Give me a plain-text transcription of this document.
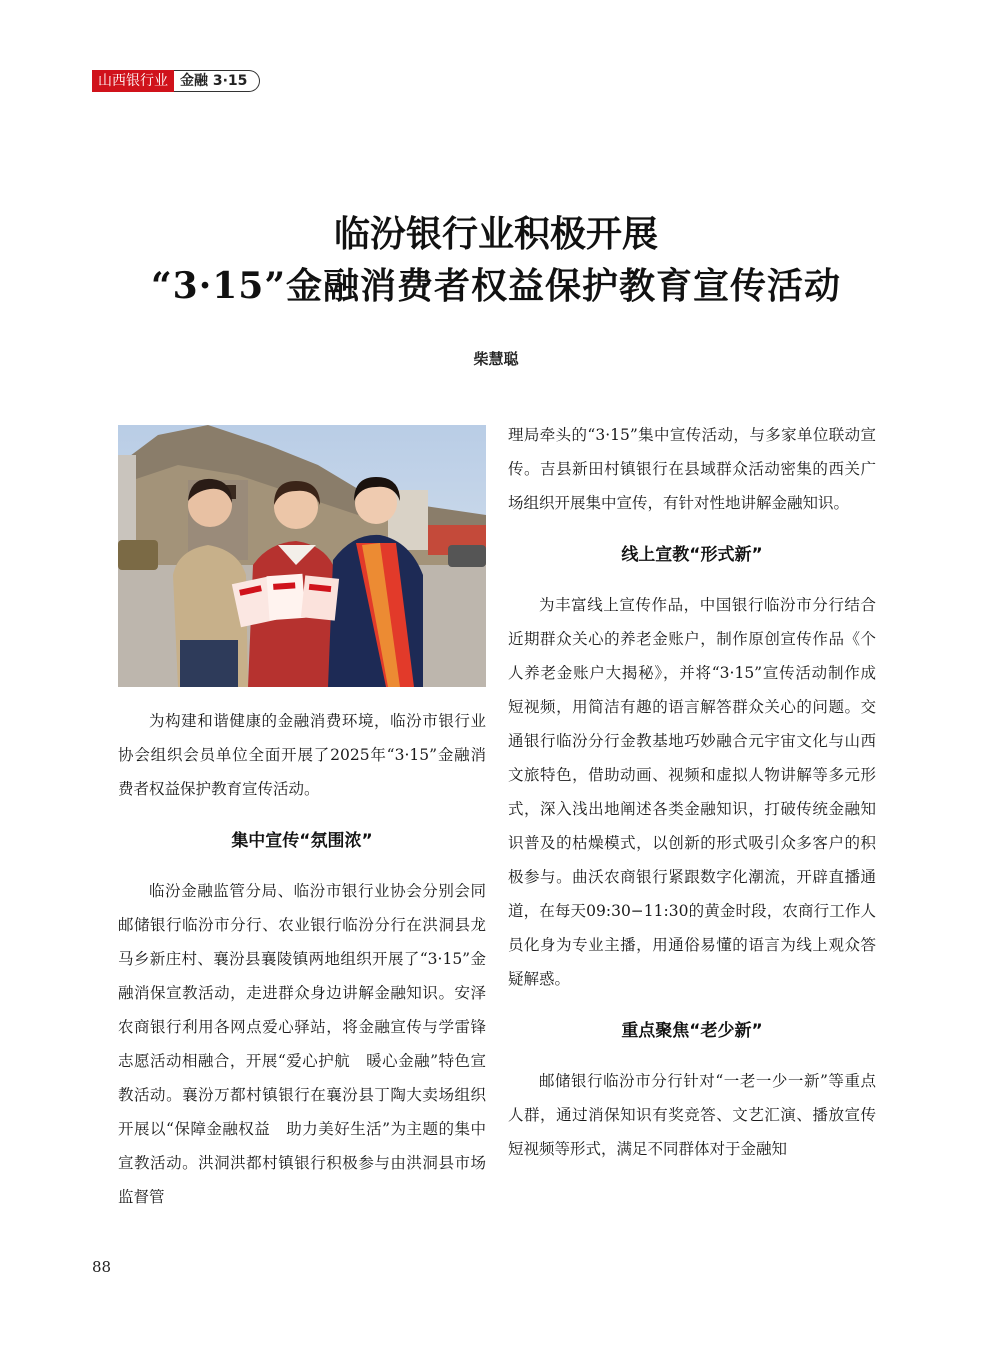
山西银行业 金融 3·15
临汾银行业积极开展
“3·15”金融消费者权益保护教育宣传活动
柴慧聪

为构建和谐健康的金融消费环境，临汾市银行业协会组织会员单位全面开展了2025年“3·15”金融消费者权益保护教育宣传活动。

集中宣传“氛围浓”

临汾金融监管分局、临汾市银行业协会分别会同邮储银行临汾市分行、农业银行临汾分行在洪洞县龙马乡新庄村、襄汾县襄陵镇两地组织开展了“3·15”金融消保宣教活动，走进群众身边讲解金融知识。安泽农商银行利用各网点爱心驿站，将金融宣传与学雷锋志愿活动相融合，开展“爱心护航　暖心金融”特色宣教活动。襄汾万都村镇银行在襄汾县丁陶大卖场组织开展以“保障金融权益　助力美好生活”为主题的集中宣教活动。洪洞洪都村镇银行积极参与由洪洞县市场监督管

理局牵头的“3·15”集中宣传活动，与多家单位联动宣传。吉县新田村镇银行在县域群众活动密集的西关广场组织开展集中宣传，有针对性地讲解金融知识。

线上宣教“形式新”

为丰富线上宣传作品，中国银行临汾市分行结合近期群众关心的养老金账户，制作原创宣传作品《个人养老金账户大揭秘》，并将“3·15”宣传活动制作成短视频，用简洁有趣的语言解答群众关心的问题。交通银行临汾分行金教基地巧妙融合元宇宙文化与山西文旅特色，借助动画、视频和虚拟人物讲解等多元形式，深入浅出地阐述各类金融知识，打破传统金融知识普及的枯燥模式，以创新的形式吸引众多客户的积极参与。曲沃农商银行紧跟数字化潮流，开辟直播通道，在每天09:30−11:30的黄金时段，农商行工作人员化身为专业主播，用通俗易懂的语言为线上观众答疑解惑。

重点聚焦“老少新”

邮储银行临汾市分行针对“一老一少一新”等重点人群，通过消保知识有奖竞答、文艺汇演、播放宣传短视频等形式，满足不同群体对于金融知

88
